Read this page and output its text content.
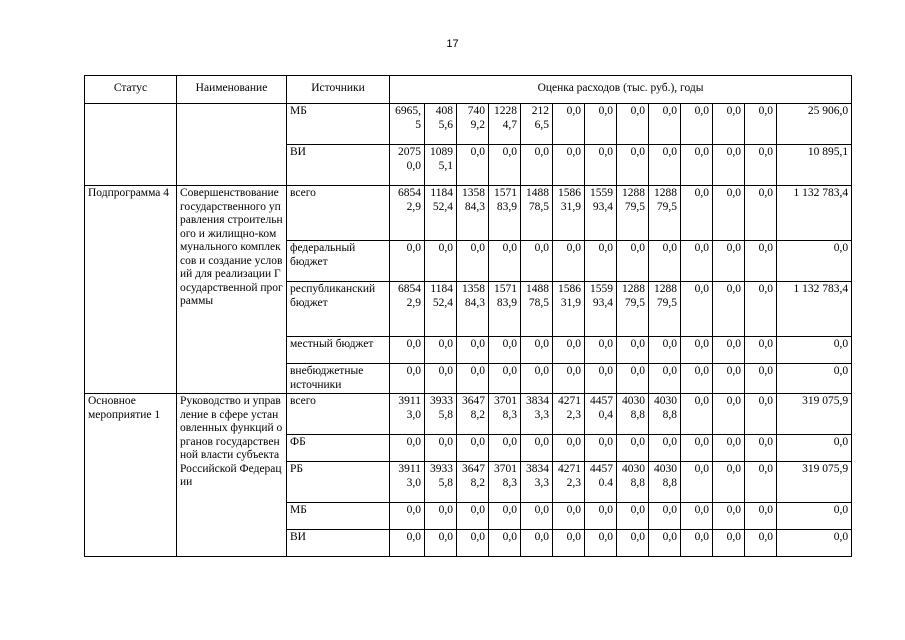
17
Статус	Наименование	Источники	Оценка расходов (тыс. руб.), годы												
		МБ	6965,5	4085,6	7409,2	12284,7	2126,5	0,0	0,0	0,0	0,0	0,0	0,0	0,0	25 906,0
		ВИ	20750,0	10895,1	0,0	0,0	0,0	0,0	0,0	0,0	0,0	0,0	0,0	0,0	10 895,1
Подпрограмма 4	Совершенствование государственного управления строительного и жилищно-коммунального комплексов и создание условий для реализации Государственной программы	всего	68542,9	118452,4	135884,3	157183,9	148878,5	158631,9	155993,4	128879,5	128879,5	0,0	0,0	0,0	1 132 783,4
		федеральный бюджет	0,0	0,0	0,0	0,0	0,0	0,0	0,0	0,0	0,0	0,0	0,0	0,0	0,0
		республиканский бюджет	68542,9	118452,4	135884,3	157183,9	148878,5	158631,9	155993,4	128879,5	128879,5	0,0	0,0	0,0	1 132 783,4
		местный бюджет	0,0	0,0	0,0	0,0	0,0	0,0	0,0	0,0	0,0	0,0	0,0	0,0	0,0
		внебюджетные источники	0,0	0,0	0,0	0,0	0,0	0,0	0,0	0,0	0,0	0,0	0,0	0,0	0,0
Основное мероприятие 1	Руководство и управление в сфере установленных функций органов государственной власти субъекта Российской Федерации	всего	39113,0	39335,8	36478,2	37018,3	38343,3	42712,3	44570,4	40308,8	40308,8	0,0	0,0	0,0	319 075,9
		ФБ	0,0	0,0	0,0	0,0	0,0	0,0	0,0	0,0	0,0	0,0	0,0	0,0	0,0
		РБ	39113,0	39335,8	36478,2	37018,3	38343,3	42712,3	44570.4	40308,8	40308,8	0,0	0,0	0,0	319 075,9
		МБ	0,0	0,0	0,0	0,0	0,0	0,0	0,0	0,0	0,0	0,0	0,0	0,0	0,0
		ВИ	0,0	0,0	0,0	0,0	0,0	0,0	0,0	0,0	0,0	0,0	0,0	0,0	0,0
